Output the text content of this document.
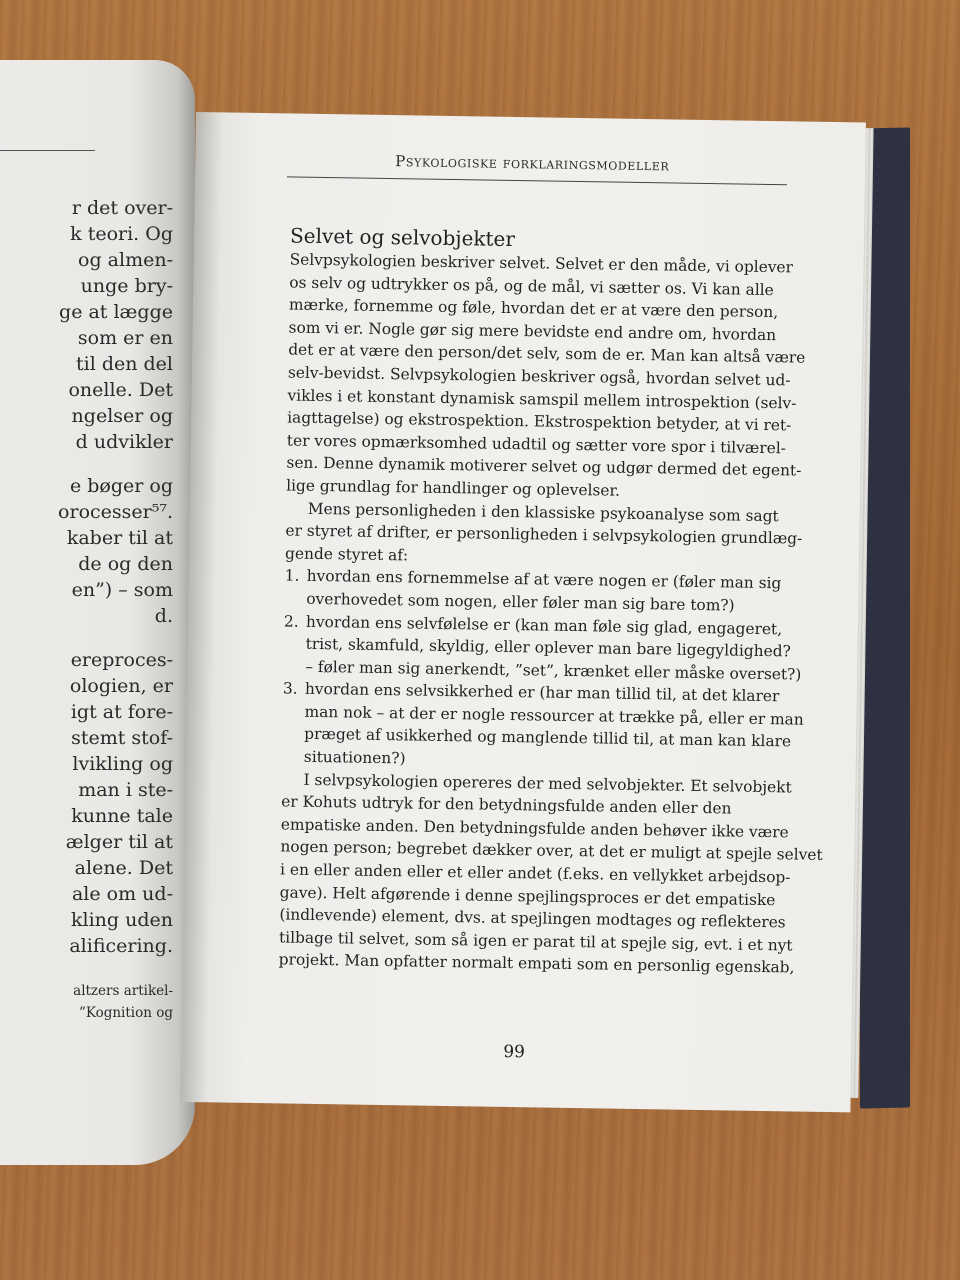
r det over-
k teori. Og
og almen-
unge bry-
ge at lægge
som er en
til den del
onelle. Det
ngelser og
d udvikler
e bøger og
orocesser⁵⁷.
kaber til at
de og den
en”) – som
d.
ereproces-
ologien, er
igt at fore-
stemt stof-
lvikling og
man i ste-
kunne tale
ælger til at
alene. Det
ale om ud-
kling uden
alificering.
altzers artikel-
”Kognition og
Psykologiske forklaringsmodeller
Selvet og selvobjekter
Selvpsykologien beskriver selvet. Selvet er den måde, vi oplever
os selv og udtrykker os på, og de mål, vi sætter os. Vi kan alle
mærke, fornemme og føle, hvordan det er at være den person,
som vi er. Nogle gør sig mere bevidste end andre om, hvordan
det er at være den person/det selv, som de er. Man kan altså være
selv-bevidst. Selvpsykologien beskriver også, hvordan selvet ud-
vikles i et konstant dynamisk samspil mellem introspektion (selv-
iagttagelse) og ekstrospektion. Ekstrospektion betyder, at vi ret-
ter vores opmærksomhed udadtil og sætter vore spor i tilværel-
sen. Denne dynamik motiverer selvet og udgør dermed det egent-
lige grundlag for handlinger og oplevelser.
Mens personligheden i den klassiske psykoanalyse som sagt
er styret af drifter, er personligheden i selvpsykologien grundlæg-
gende styret af:
1. hvordan ens fornemmelse af at være nogen er (føler man sig
overhovedet som nogen, eller føler man sig bare tom?)
2. hvordan ens selvfølelse er (kan man føle sig glad, engageret,
trist, skamfuld, skyldig, eller oplever man bare ligegyldighed?
– føler man sig anerkendt, ”set”, krænket eller måske overset?)
3. hvordan ens selvsikkerhed er (har man tillid til, at det klarer
man nok – at der er nogle ressourcer at trække på, eller er man
præget af usikkerhed og manglende tillid til, at man kan klare
situationen?)
I selvpsykologien opereres der med selvobjekter. Et selvobjekt
er Kohuts udtryk for den betydningsfulde anden eller den
empatiske anden. Den betydningsfulde anden behøver ikke være
nogen person; begrebet dækker over, at det er muligt at spejle selvet
i en eller anden eller et eller andet (f.eks. en vellykket arbejdsop-
gave). Helt afgørende i denne spejlingsproces er det empatiske
(indlevende) element, dvs. at spejlingen modtages og reflekteres
tilbage til selvet, som så igen er parat til at spejle sig, evt. i et nyt
projekt. Man opfatter normalt empati som en personlig egenskab,
99
